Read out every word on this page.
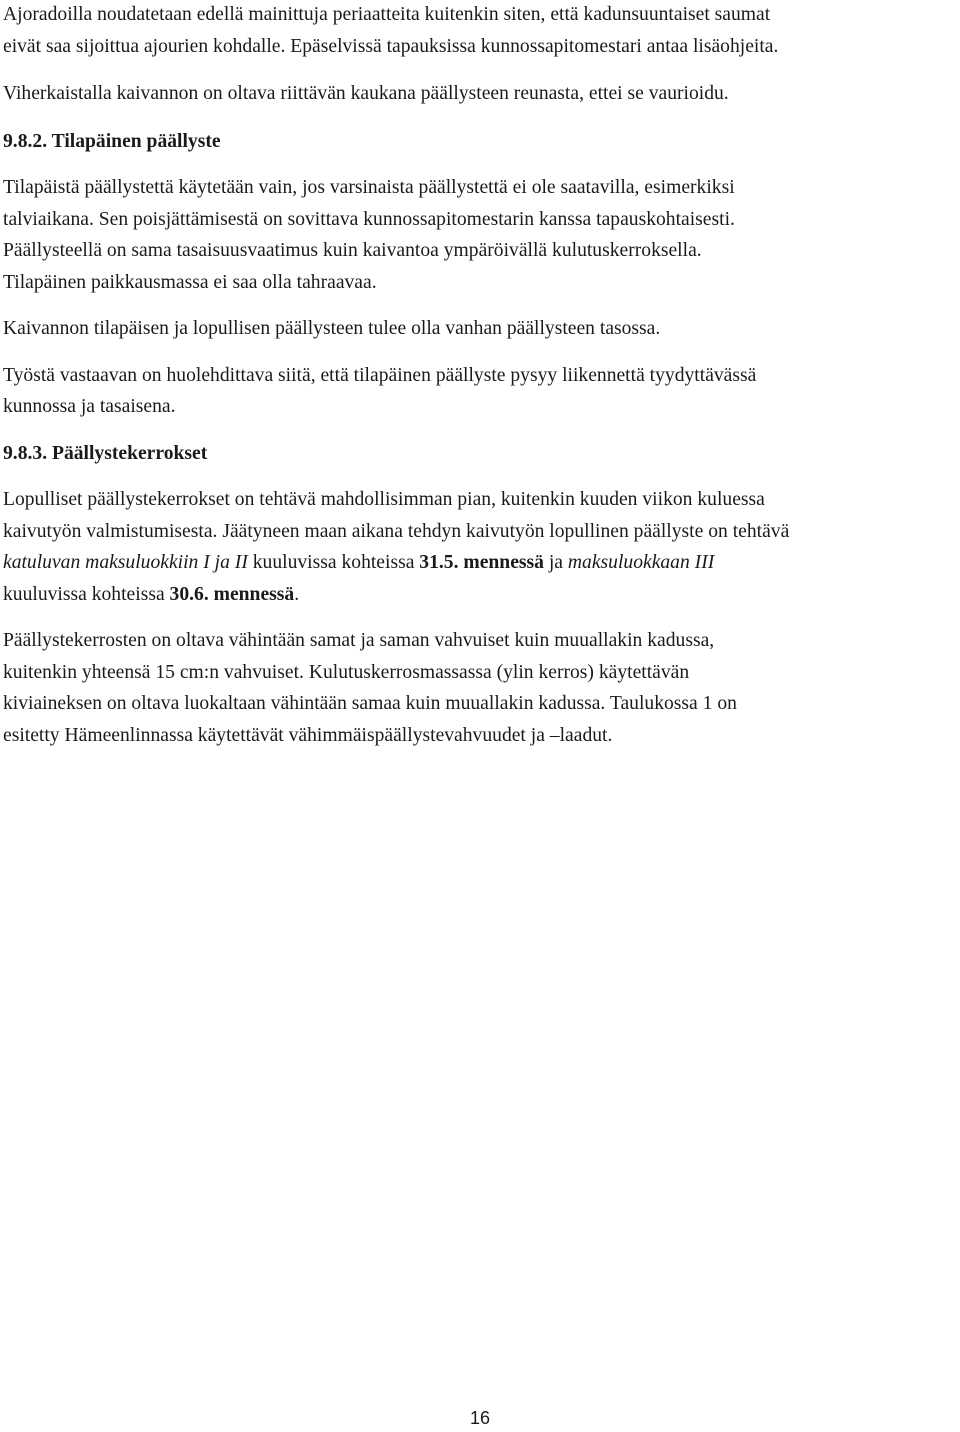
Ajoradoilla noudatetaan edellä mainittuja periaatteita kuitenkin siten, että kadunsuuntaiset saumat
eivät saa sijoittua ajourien kohdalle. Epäselvissä tapauksissa kunnossapitomestari antaa lisäohjeita.

Viherkaistalla kaivannon on oltava riittävän kaukana päällysteen reunasta, ettei se vaurioidu.

9.8.2. Tilapäinen päällyste

Tilapäistä päällystettä käytetään vain, jos varsinaista päällystettä ei ole saatavilla, esimerkiksi
talviaikana. Sen poisjättämisestä on sovittava kunnossapitomestarin kanssa tapauskohtaisesti.
Päällysteellä on sama tasaisuusvaatimus kuin kaivantoa ympäröivällä kulutuskerroksella.
Tilapäinen paikkausmassa ei saa olla tahraavaa.

Kaivannon tilapäisen ja lopullisen päällysteen tulee olla vanhan päällysteen tasossa.

Työstä vastaavan on huolehdittava siitä, että tilapäinen päällyste pysyy liikennettä tyydyttävässä
kunnossa ja tasaisena.

9.8.3. Päällystekerrokset

Lopulliset päällystekerrokset on tehtävä mahdollisimman pian, kuitenkin kuuden viikon kuluessa
kaivutyön valmistumisesta. Jäätyneen maan aikana tehdyn kaivutyön lopullinen päällyste on tehtävä
katuluvan maksuluokkiin I ja II kuuluvissa kohteissa 31.5. mennessä ja maksuluokkaan III
kuuluvissa kohteissa 30.6. mennessä.

Päällystekerrosten on oltava vähintään samat ja saman vahvuiset kuin muuallakin kadussa,
kuitenkin yhteensä 15 cm:n vahvuiset. Kulutuskerrosmassassa (ylin kerros) käytettävän
kiviaineksen on oltava luokaltaan vähintään samaa kuin muuallakin kadussa. Taulukossa 1 on
esitetty Hämeenlinnassa käytettävät vähimmäispäällystevahvuudet ja –laadut.

16
